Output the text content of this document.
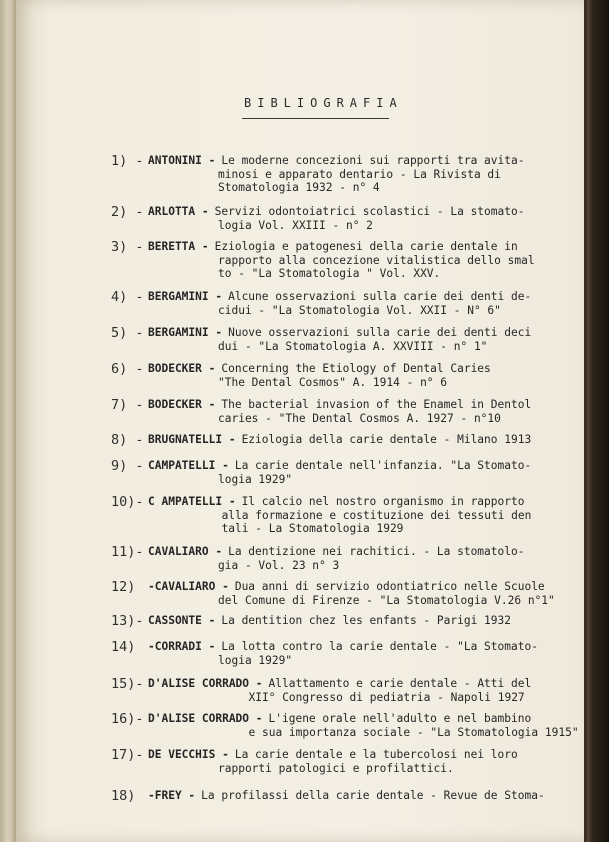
BIBLIOGRAFIA
1) - ANTONINI - Le moderne concezioni sui rapporti tra avita-
minosi e apparato dentario - La Rivista di
Stomatologia 1932 - n° 4
2) - ARLOTTA - Servizi odontoiatrici scolastici - La stomato-
logia Vol. XXIII - n° 2
3) - BERETTA - Eziologia e patogenesi della carie dentale in
rapporto alla concezione vitalistica dello smal
to - "La Stomatologia " Vol. XXV.
4) - BERGAMINI - Alcune osservazioni sulla carie dei denti de-
cidui - "La Stomatologia Vol. XXII - N° 6"
5) - BERGAMINI - Nuove osservazioni sulla carie dei denti deci
dui - "La Stomatologia A. XXVIII - n° 1"
6) - BODECKER - Concerning the Etiology of Dental Caries
"The Dental Cosmos" A. 1914 - n° 6
7) - BODECKER - The bacterial invasion of the Enamel in Dentol
caries - "The Dental Cosmos A. 1927 - n°10
8) - BRUGNATELLI - Eziologia della carie dentale - Milano 1913
9) - CAMPATELLI - La carie dentale nell'infanzia. "La Stomato-
logia 1929"
10)- C AMPATELLI - Il calcio nel nostro organismo in rapporto
alla formazione e costituzione dei tessuti den
tali - La Stomatologia 1929
11)- CAVALIARO - La dentizione nei rachitici. - La stomatolo-
gia - Vol. 23 n° 3
12) -CAVALIARO - Dua anni di servizio odontiatrico nelle Scuole
del Comune di Firenze - "La Stomatologia V.26 n°1"
13)- CASSONTE - La dentition chez les enfants - Parigi 1932
14) -CORRADI - La lotta contro la carie dentale - "La Stomato-
logia 1929"
15)- D'ALISE CORRADO - Allattamento e carie dentale - Atti del
XII° Congresso di pediatria - Napoli 1927
16)- D'ALISE CORRADO - L'igene orale nell'adulto e nel bambino
e sua importanza sociale - "La Stomatologia 1915"
17)- DE VECCHIS - La carie dentale e la tubercolosi nei loro
rapporti patologici e profilattici.
18) -FREY - La profilassi della carie dentale - Revue de Stoma-
